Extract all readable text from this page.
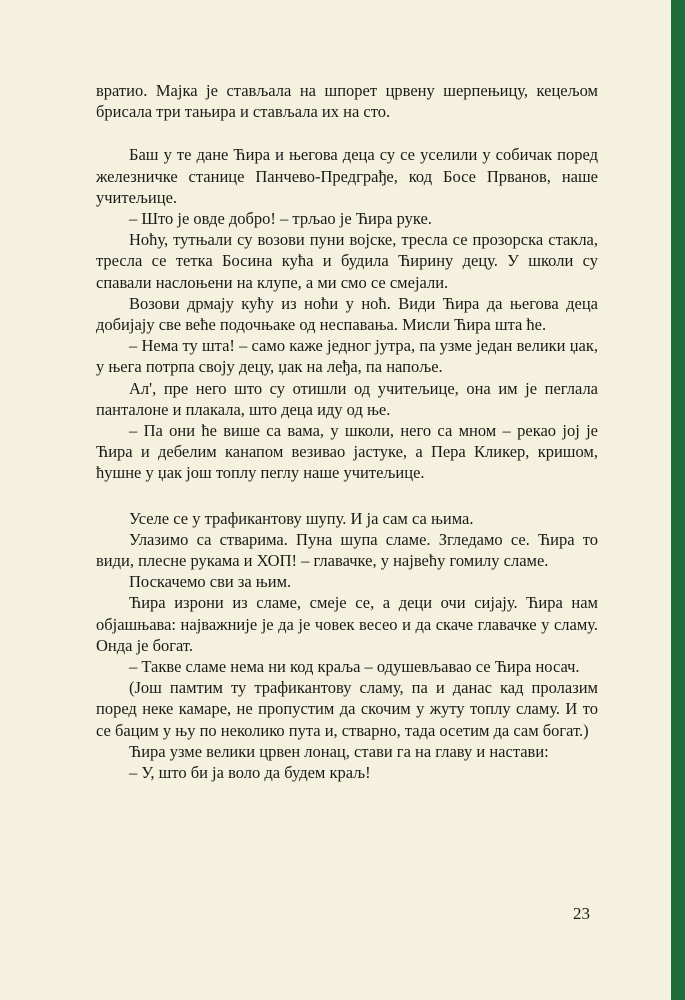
вратио. Мајка је стављала на шпорет црвену шерпењицу, кецељом брисала три тањира и стављала их на сто.

Баш у те дане Ћира и његова деца су се уселили у собичак поред железничке станице Панчево-Предграђе, код Босе Прванов, наше учитељице.

– Што је овде добро! – трљао је Ћира руке.

Ноћу, тутњали су возови пуни војске, тресла се прозорска стакла, тресла се тетка Босина кућа и будила Ћирину децу. У школи су спавали наслоњени на клупе, а ми смо се смејали.

Возови дрмају кућу из ноћи у ноћ. Види Ћира да његова деца добијају све веће подочњаке од неспавања. Мисли Ћира шта ће.

– Нема ту шта! – само каже једног јутра, па узме један велики џак, у њега потрпа своју децу, џак на леђа, па напоље.

Ал', пре него што су отишли од учитељице, она им је пеглала панталоне и плакала, што деца иду од ње.

– Па они ће више са вама, у школи, него са мном – рекао јој је Ћира и дебелим канапом везивао јастуке, а Пера Кликер, кришом, ћушне у џак још топлу пеглу наше учитељице.

Уселе се у трафикантову шупу. И ја сам са њима.

Улазимо са стварима. Пуна шупа сламе. Згледамо се. Ћира то види, плесне рукама и ХОП! – главачке, у највећу гомилу сламе.

Поскачемо сви за њим.

Ћира изрони из сламе, смеје се, а деци очи сијају. Ћира нам објашњава: најважније је да је човек весео и да скаче главачке у сламу. Онда је богат.

– Такве сламе нема ни код краља – одушевљавао се Ћира носач.

(Још памтим ту трафикантову сламу, па и данас кад пролазим поред неке камаре, не пропустим да скочим у жуту топлу сламу. И то се бацим у њу по неколико пута и, стварно, тада осетим да сам богат.)

Ћира узме велики црвен лонац, стави га на главу и настави:

– У, што би ја воло да будем краљ!

23
